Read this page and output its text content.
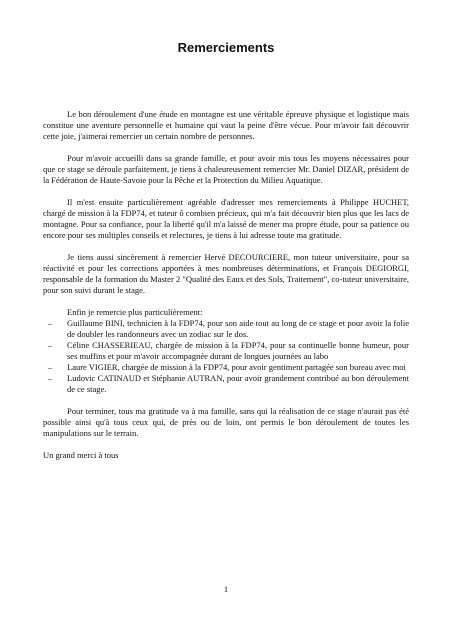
Remerciements

Le bon déroulement d'une étude en montagne est une véritable épreuve physique et logistique mais constitue une aventure personnelle et humaine qui vaut la peine d'être vécue. Pour m'avoir fait découvrir cette joie, j'aimerai remercier un certain nombre de personnes.

Pour m'avoir accueilli dans sa grande famille, et pour avoir mis tous les moyens nécessaires pour que ce stage se déroule parfaitement, je tiens à chaleureusement remercier Mr. Daniel DIZAR, président de la Fédération de Haute-Savoie pour la Pêche et la Protection du Milieu Aquatique.

Il m'est ensuite particulièrement agréable d'adresser mes remerciements à Philippe HUCHET, chargé de mission à la FDP74, et tuteur ô combien précieux, qui m'a fait découvrir bien plus que les lacs de montagne. Pour sa confiance, pour la liberté qu'il m'a laissé de mener ma propre étude, pour sa patience ou encore pour ses multiples conseils et relectures, je tiens à lui adresse toute ma gratitude.

Je tiens aussi sincèrement à remercier Hervé DECOURCIERE, mon tuteur universitaire, pour sa réactivité et pour les corrections apportées à mes nombreuses déterminations, et François DEGIORGI, responsable de la formation du Master 2 "Qualité des Eaux et des Sols, Traitement", co-tuteur universitaire, pour son suivi durant le stage.

Enfin je remercie plus particulièrement:

– Guillaume BINI, technicien à la FDP74, pour son aide tout au long de ce stage et pour avoir la folie de doubler les randonneurs avec un zodiac sur le dos.
– Céline CHASSERIEAU, chargée de mission à la FDP74, pour sa continuelle bonne humeur, pour ses muffins et pour m'avoir accompagnée durant de longues journées au labo
– Laure VIGIER, chargée de mission à la FDP74, pour avoir gentiment partagée son bureau avec moi
– Ludovic CATINAUD et Stéphanie AUTRAN, pour avoir grandement contribué au bon déroulement de ce stage.

Pour terminer, tous ma gratitude va à ma famille, sans qui la réalisation de ce stage n'aurait pas été possible ainsi qu'à tous ceux qui, de près ou de loin, ont permis le bon déroulement de toutes les manipulations sur le terrain.

Un grand merci à tous

1
